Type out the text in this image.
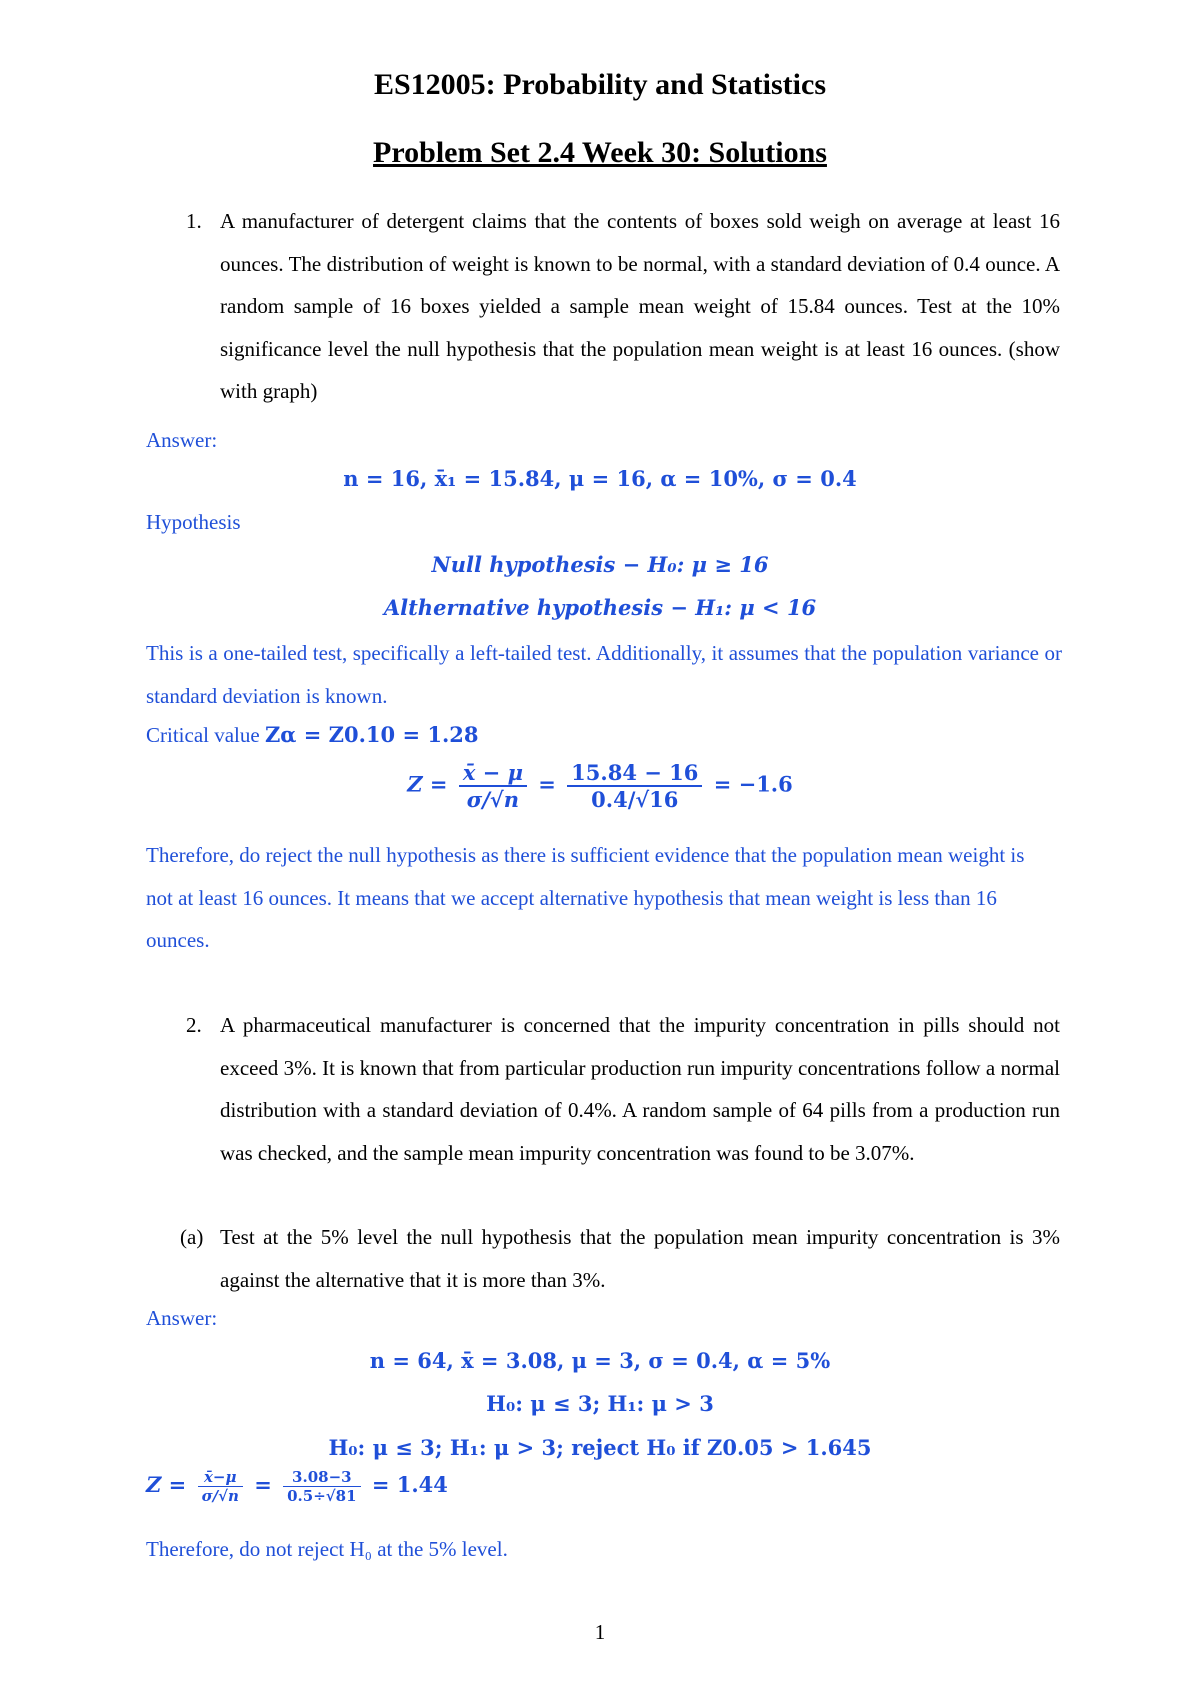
ES12005: Probability and Statistics
Problem Set 2.4 Week 30: Solutions
1. A manufacturer of detergent claims that the contents of boxes sold weigh on average at least 16 ounces. The distribution of weight is known to be normal, with a standard deviation of 0.4 ounce. A random sample of 16 boxes yielded a sample mean weight of 15.84 ounces. Test at the 10% significance level the null hypothesis that the population mean weight is at least 16 ounces. (show with graph)
Answer:
n = 16, x̄₁ = 15.84, μ = 16, α = 10%, σ = 0.4
Hypothesis
Null hypothesis − H₀: μ ≥ 16
Althernative hypothesis − H₁: μ < 16
This is a one-tailed test, specifically a left-tailed test. Additionally, it assumes that the population variance or standard deviation is known.
Critical value Zα = Z0.10 = 1.28
$Z = \frac{x̄ - \mu}{\sigma/√n} = \frac{15.84 - 16}{0.4/√16} = -1.6$
Therefore, do reject the null hypothesis as there is sufficient evidence that the population mean weight is not at least 16 ounces. It means that we accept alternative hypothesis that mean weight is less than 16 ounces.
2. A pharmaceutical manufacturer is concerned that the impurity concentration in pills should not exceed 3%. It is known that from particular production run impurity concentrations follow a normal distribution with a standard deviation of 0.4%. A random sample of 64 pills from a production run was checked, and the sample mean impurity concentration was found to be 3.07%.
(a) Test at the 5% level the null hypothesis that the population mean impurity concentration is 3% against the alternative that it is more than 3%.
Answer:
n = 64, x̄ = 3.08, μ = 3, σ = 0.4, α = 5%
H₀: μ ≤ 3; H₁: μ > 3
H₀: μ ≤ 3; H₁: μ > 3; reject H₀ if Z0.05 > 1.645
$Z = \frac{x̄-\mu}{\sigma/√n} = \frac{3.08-3}{0.5\div√81} = 1.44$
Therefore, do not reject H₀ at the 5% level.
1
